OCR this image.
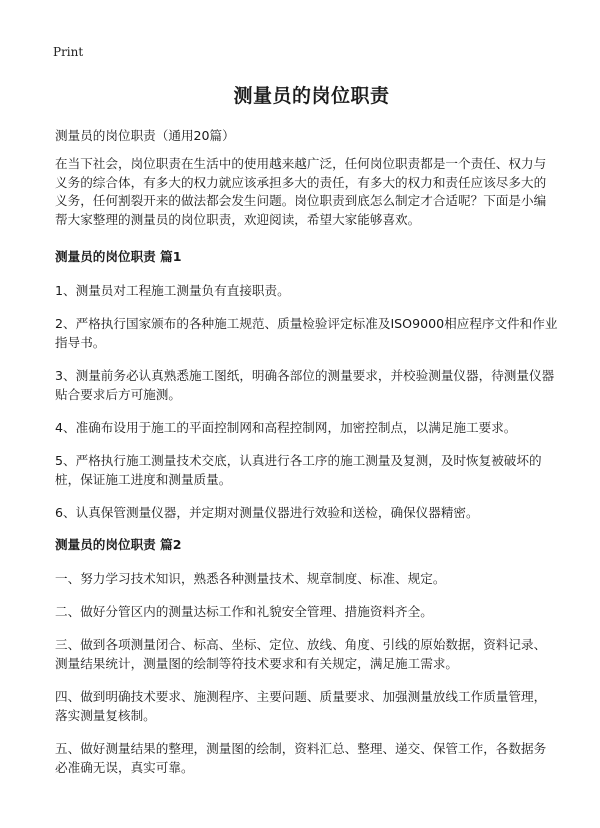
Print
测量员的岗位职责
测量员的岗位职责（通用20篇）
在当下社会，岗位职责在生活中的使用越来越广泛，任何岗位职责都是一个责任、权力与义务的综合体，有多大的权力就应该承担多大的责任，有多大的权力和责任应该尽多大的义务，任何割裂开来的做法都会发生问题。岗位职责到底怎么制定才合适呢？下面是小编帮大家整理的测量员的岗位职责，欢迎阅读，希望大家能够喜欢。
测量员的岗位职责 篇1
1、测量员对工程施工测量负有直接职责。
2、严格执行国家颁布的各种施工规范、质量检验评定标准及ISO9000相应程序文件和作业指导书。
3、测量前务必认真熟悉施工图纸，明确各部位的测量要求，并校验测量仪器，待测量仪器贴合要求后方可施测。
4、准确布设用于施工的平面控制网和高程控制网，加密控制点，以满足施工要求。
5、严格执行施工测量技术交底，认真进行各工序的施工测量及复测，及时恢复被破坏的桩，保证施工进度和测量质量。
6、认真保管测量仪器，并定期对测量仪器进行效验和送检，确保仪器精密。
测量员的岗位职责 篇2
一、努力学习技术知识，熟悉各种测量技术、规章制度、标准、规定。
二、做好分管区内的测量达标工作和礼貌安全管理、措施资料齐全。
三、做到各项测量闭合、标高、坐标、定位、放线、角度、引线的原始数据，资料记录、测量结果统计，测量图的绘制等符技术要求和有关规定，满足施工需求。
四、做到明确技术要求、施测程序、主要问题、质量要求、加强测量放线工作质量管理，落实测量复核制。
五、做好测量结果的整理，测量图的绘制，资料汇总、整理、递交、保管工作，各数据务必准确无误，真实可靠。
